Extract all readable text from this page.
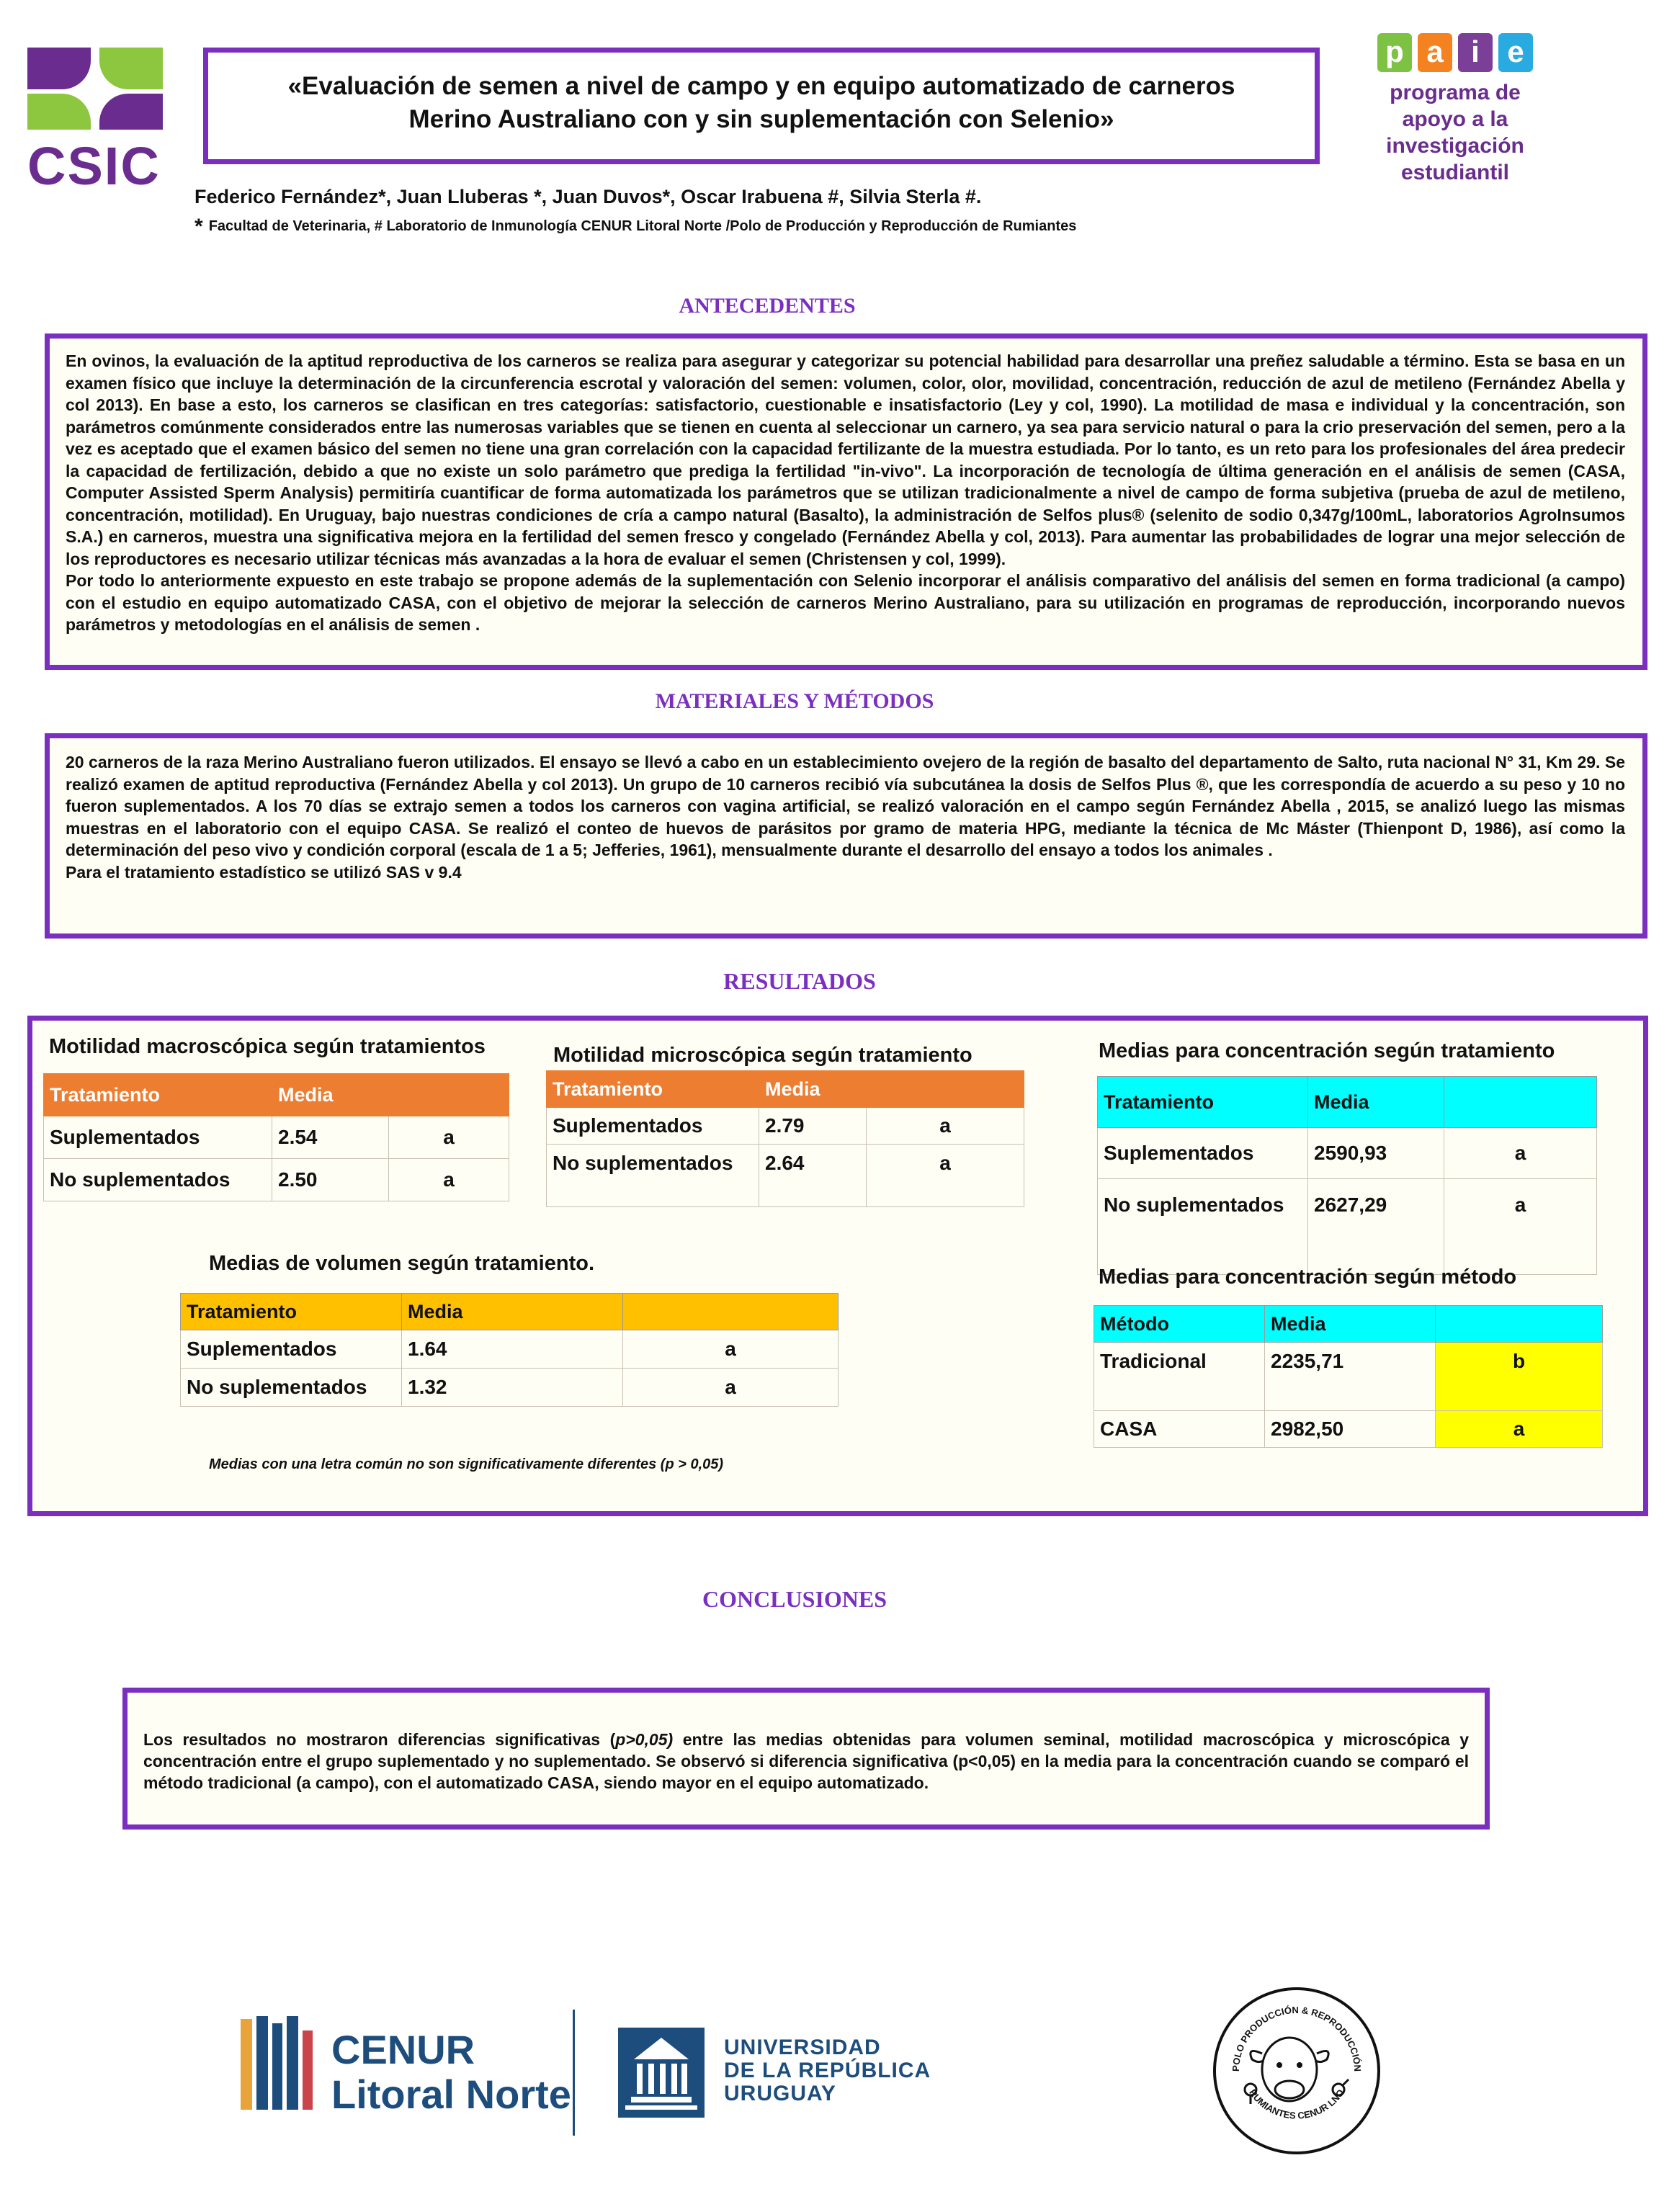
CSIC
«Evaluación de semen a nivel de campo y en equipo automatizado de carneros
Merino Australiano con y sin suplementación con Selenio»
p a i e
programa de
apoyo a la
investigación
estudiantil
Federico Fernández*, Juan Lluberas *, Juan Duvos*, Oscar Irabuena #, Silvia Sterla #.
* Facultad de Veterinaria, # Laboratorio de Inmunología CENUR Litoral Norte /Polo de Producción y Reproducción de Rumiantes
ANTECEDENTES
En ovinos, la evaluación de la aptitud reproductiva de los carneros se realiza para asegurar y categorizar su potencial habilidad para desarrollar una preñez saludable a término. Esta se basa en un examen físico que incluye la determinación de la circunferencia escrotal y valoración del semen: volumen, color, olor, movilidad, concentración, reducción de azul de metileno (Fernández Abella y col 2013). En base a esto, los carneros se clasifican en tres categorías: satisfactorio, cuestionable e insatisfactorio (Ley y col, 1990). La motilidad de masa e individual y la concentración, son parámetros comúnmente considerados entre las numerosas variables que se tienen en cuenta al seleccionar un carnero, ya sea para servicio natural o para la crio preservación del semen, pero a la vez es aceptado que el examen básico del semen no tiene una gran correlación con la capacidad fertilizante de la muestra estudiada. Por lo tanto, es un reto para los profesionales del área predecir la capacidad de fertilización, debido a que no existe un solo parámetro que prediga la fertilidad "in-vivo". La incorporación de tecnología de última generación en el análisis de semen (CASA, Computer Assisted Sperm Analysis) permitiría cuantificar de forma automatizada los parámetros que se utilizan tradicionalmente a nivel de campo de forma subjetiva (prueba de azul de metileno, concentración, motilidad). En Uruguay, bajo nuestras condiciones de cría a campo natural (Basalto), la administración de Selfos plus® (selenito de sodio 0,347g/100mL, laboratorios AgroInsumos S.A.) en carneros, muestra una significativa mejora en la fertilidad del semen fresco y congelado (Fernández Abella y col, 2013). Para aumentar las probabilidades de lograr una mejor selección de los reproductores es necesario utilizar técnicas más avanzadas a la hora de evaluar el semen (Christensen y col, 1999).
Por todo lo anteriormente expuesto en este trabajo se propone además de la suplementación con Selenio incorporar el análisis comparativo del análisis del semen en forma tradicional (a campo) con el estudio en equipo automatizado CASA, con el objetivo de mejorar la selección de carneros Merino Australiano, para su utilización en programas de reproducción, incorporando nuevos parámetros y metodologías en el análisis de semen .
MATERIALES Y MÉTODOS
20 carneros de la raza Merino Australiano fueron utilizados. El ensayo se llevó a cabo en un establecimiento ovejero de la región de basalto del departamento de Salto, ruta nacional N° 31, Km 29. Se realizó examen de aptitud reproductiva (Fernández Abella y col 2013). Un grupo de 10 carneros recibió vía subcutánea la dosis de Selfos Plus ®, que les correspondía de acuerdo a su peso y 10 no fueron suplementados. A los 70 días se extrajo semen a todos los carneros con vagina artificial, se realizó valoración en el campo según Fernández Abella , 2015, se analizó luego las mismas muestras en el laboratorio con el equipo CASA. Se realizó el conteo de huevos de parásitos por gramo de materia HPG, mediante la técnica de Mc Máster (Thienpont D, 1986), así como la determinación del peso vivo y condición corporal (escala de 1 a 5; Jefferies, 1961), mensualmente durante el desarrollo del ensayo a todos los animales .
Para el tratamiento estadístico se utilizó SAS v 9.4
RESULTADOS
Motilidad macroscópica según tratamientos
Tratamiento	Media	
Suplementados	2.54	a
No suplementados	2.50	a
Motilidad microscópica según tratamiento
Tratamiento	Media	
Suplementados	2.79	a
No suplementados	2.64	a
Medias para concentración según tratamiento
Tratamiento	Media	
Suplementados	2590,93	a
No suplementados	2627,29	a
Medias de volumen según tratamiento.
Tratamiento	Media	
Suplementados	1.64	a
No suplementados	1.32	a
Medias para concentración según método
Método	Media	
Tradicional	2235,71	b
CASA	2982,50	a
Medias con una letra común no son significativamente diferentes (p > 0,05)
CONCLUSIONES
Los resultados no mostraron diferencias significativas (p>0,05) entre las medias obtenidas para volumen seminal, motilidad macroscópica y microscópica y concentración entre el grupo suplementado y no suplementado. Se observó si diferencia significativa (p<0,05) en la media para la concentración cuando se comparó el método tradicional (a campo), con el automatizado CASA, siendo mayor en el equipo automatizado.
CENUR
Litoral Norte
UNIVERSIDAD
DE LA REPÚBLICA
URUGUAY
POLO PRODUCCIÓN & REPRODUCCIÓN
RUMIANTES CENUR LNO
